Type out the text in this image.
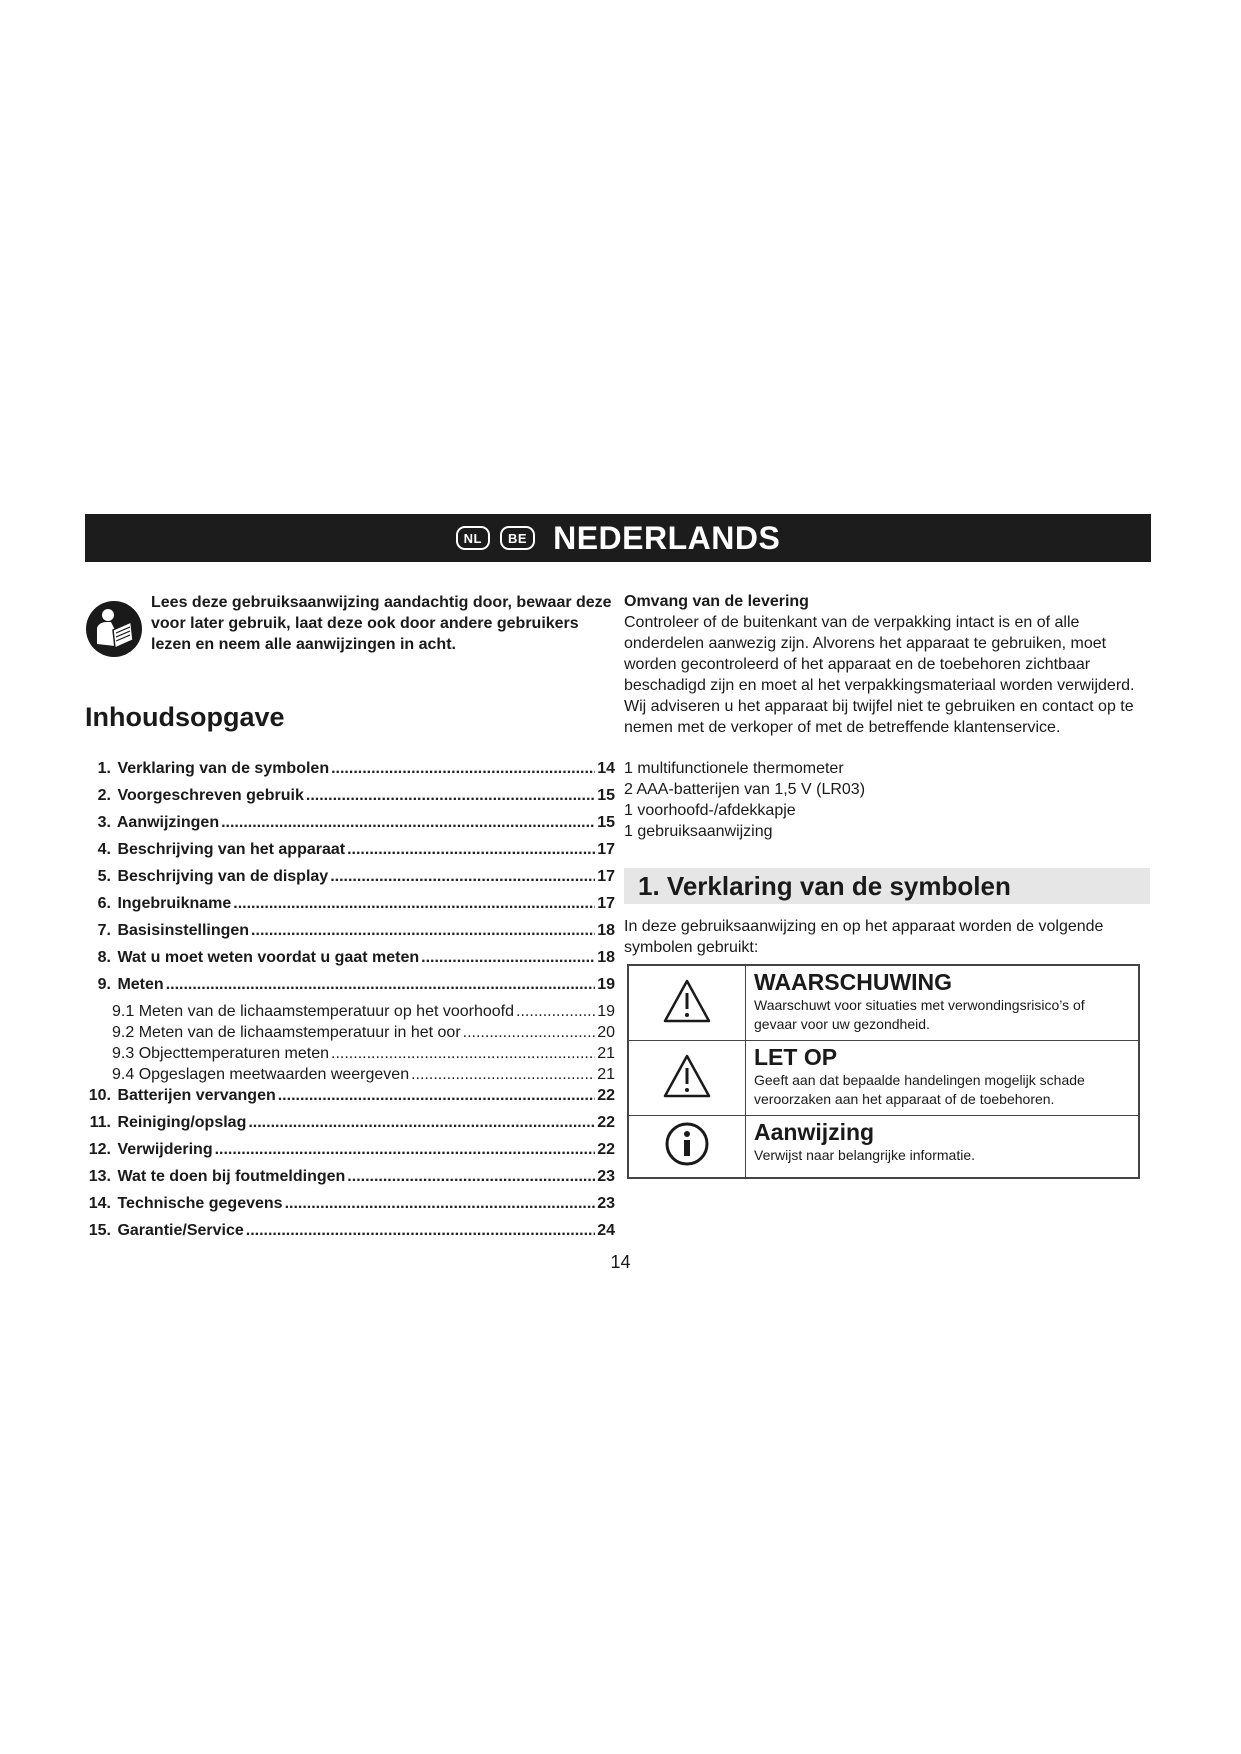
NL	BE NEDERLANDS
Lees deze gebruiksaanwijzing aandachtig door, bewaar deze voor later gebruik, laat deze ook door andere gebruikers lezen en neem alle aanwijzingen in acht.
Inhoudsopgave
1. Verklaring van de symbolen .....	14
2. Voorgeschreven gebruik .....	15
3. Aanwijzingen .....	15
4. Beschrijving van het apparaat .....	17
5. Beschrijving van de display .....	17
6. Ingebruikname .....	17
7. Basisinstellingen .....	18
8. Wat u moet weten voordat u gaat meten .....	18
9. Meten .....	19
9.1 Meten van de lichaamstemperatuur op het voorhoofd .....	19
9.2 Meten van de lichaamstemperatuur in het oor .....	20
9.3 Objecttemperaturen meten .....	21
9.4 Opgeslagen meetwaarden weergeven .....	21
10. Batterijen vervangen .....	22
11. Reiniging/opslag .....	22
12. Verwijdering .....	22
13. Wat te doen bij foutmeldingen .....	23
14. Technische gegevens .....	23
15. Garantie/Service .....	24
Omvang van de levering

Controleer of de buitenkant van de verpakking intact is en of alle onderdelen aanwezig zijn. Alvorens het apparaat te gebruiken, moet worden gecontroleerd of het apparaat en de toebehoren zichtbaar beschadigd zijn en moet al het verpakkingsmateriaal worden verwijderd. Wij adviseren u het apparaat bij twijfel niet te gebruiken en contact op te nemen met de verkoper of met de betreffende klantenservice.

1 multifunctionele thermometer
2 AAA-batterijen van 1,5 V (LR03)
1 voorhoofd-/afdekkapje
1 gebruiksaanwijzing
1. Verklaring van de symbolen
In deze gebruiksaanwijzing en op het apparaat worden de volgende symbolen gebruikt:

WAARSCHUWING
Waarschuwt voor situaties met verwondingsrisico’s of gevaar voor uw gezondheid.

LET OP
Geeft aan dat bepaalde handelingen mogelijk schade veroorzaken aan het apparaat of de toebehoren.

Aanwijzing
Verwijst naar belangrijke informatie.
14
